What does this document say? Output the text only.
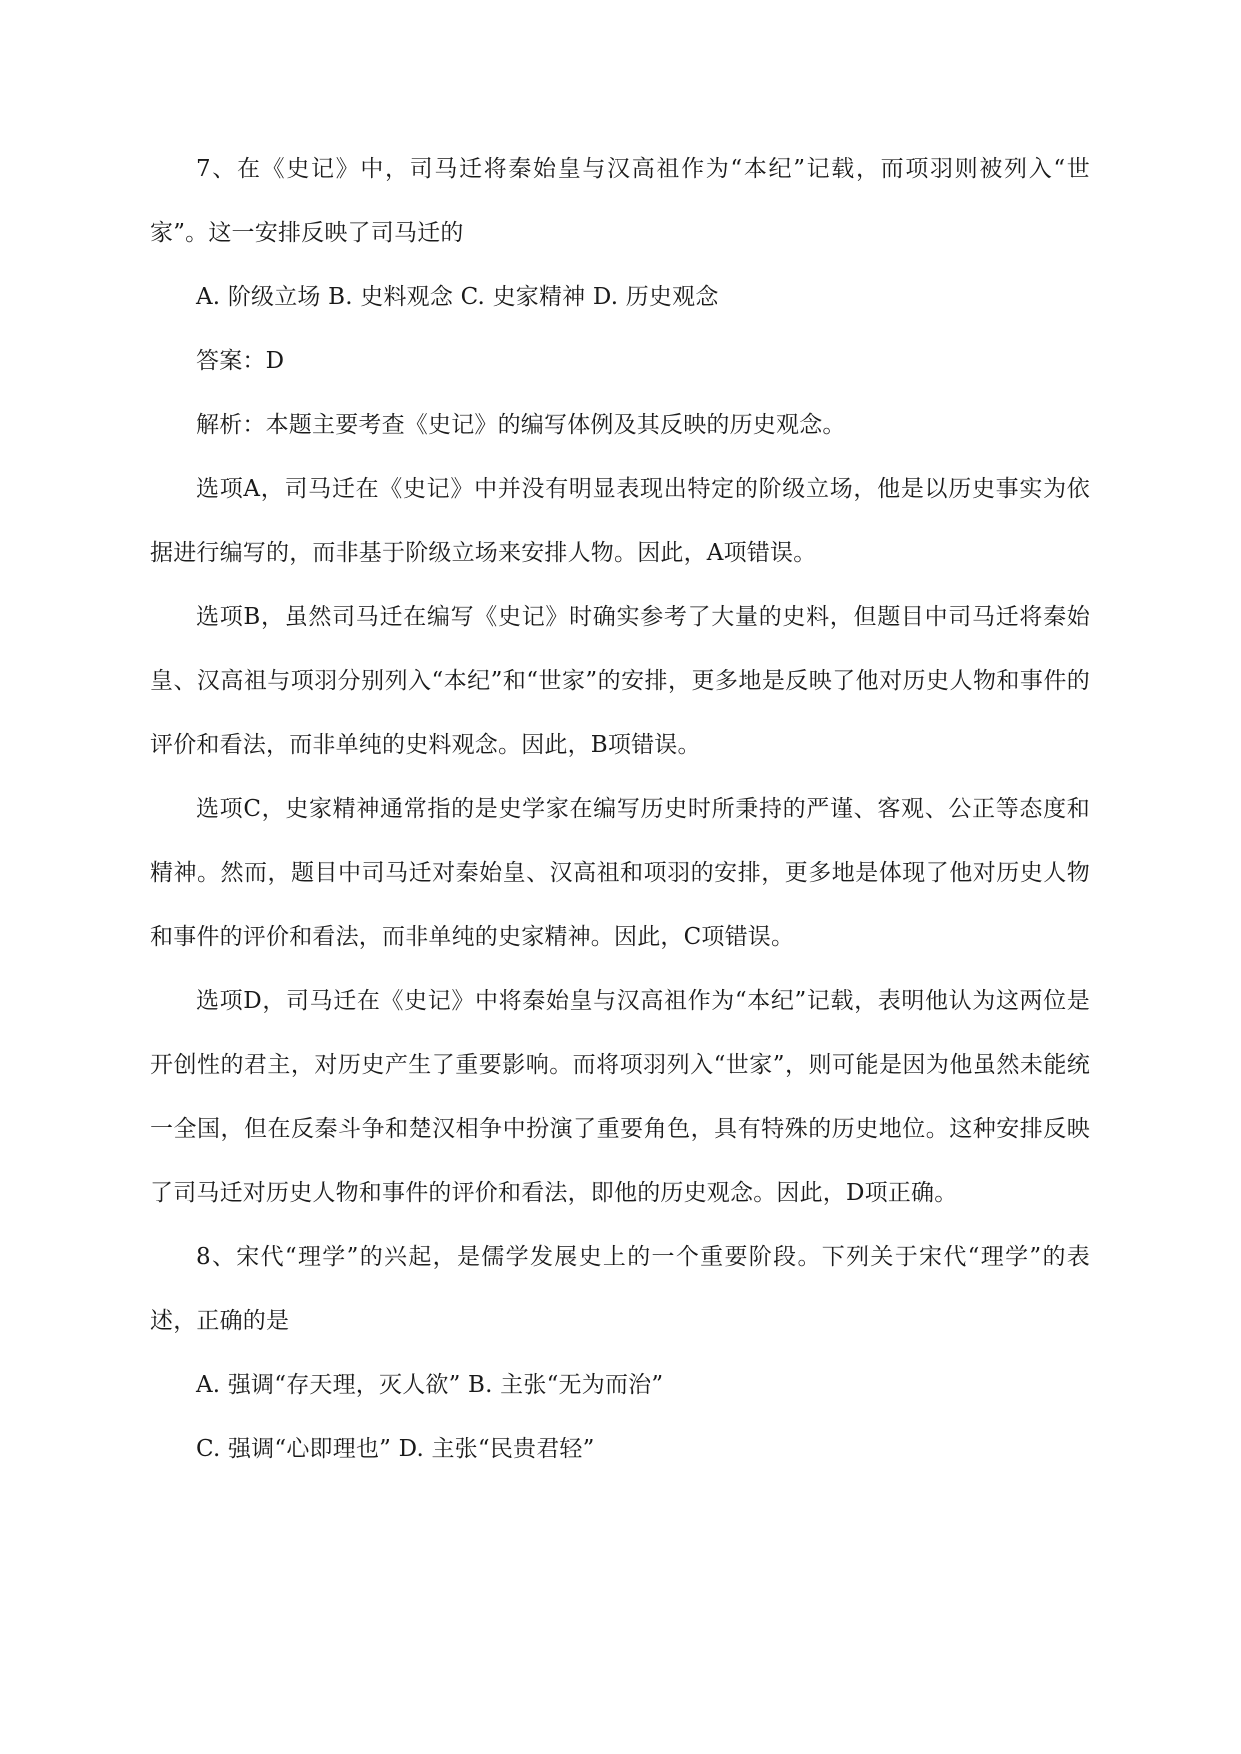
7、在《史记》中，司马迁将秦始皇与汉高祖作为“本纪”记载，而项羽则被列入“世家”。这一安排反映了司马迁的

A. 阶级立场 B. 史料观念 C. 史家精神 D. 历史观念

答案：D

解析：本题主要考查《史记》的编写体例及其反映的历史观念。

选项A，司马迁在《史记》中并没有明显表现出特定的阶级立场，他是以历史事实为依据进行编写的，而非基于阶级立场来安排人物。因此，A项错误。

选项B，虽然司马迁在编写《史记》时确实参考了大量的史料，但题目中司马迁将秦始皇、汉高祖与项羽分别列入“本纪”和“世家”的安排，更多地是反映了他对历史人物和事件的评价和看法，而非单纯的史料观念。因此，B项错误。

选项C，史家精神通常指的是史学家在编写历史时所秉持的严谨、客观、公正等态度和精神。然而，题目中司马迁对秦始皇、汉高祖和项羽的安排，更多地是体现了他对历史人物和事件的评价和看法，而非单纯的史家精神。因此，C项错误。

选项D，司马迁在《史记》中将秦始皇与汉高祖作为“本纪”记载，表明他认为这两位是开创性的君主，对历史产生了重要影响。而将项羽列入“世家”，则可能是因为他虽然未能统一全国，但在反秦斗争和楚汉相争中扮演了重要角色，具有特殊的历史地位。这种安排反映了司马迁对历史人物和事件的评价和看法，即他的历史观念。因此，D项正确。

8、宋代“理学”的兴起，是儒学发展史上的一个重要阶段。下列关于宋代“理学”的表述，正确的是

A. 强调“存天理，灭人欲” B. 主张“无为而治”

C. 强调“心即理也” D. 主张“民贵君轻”
